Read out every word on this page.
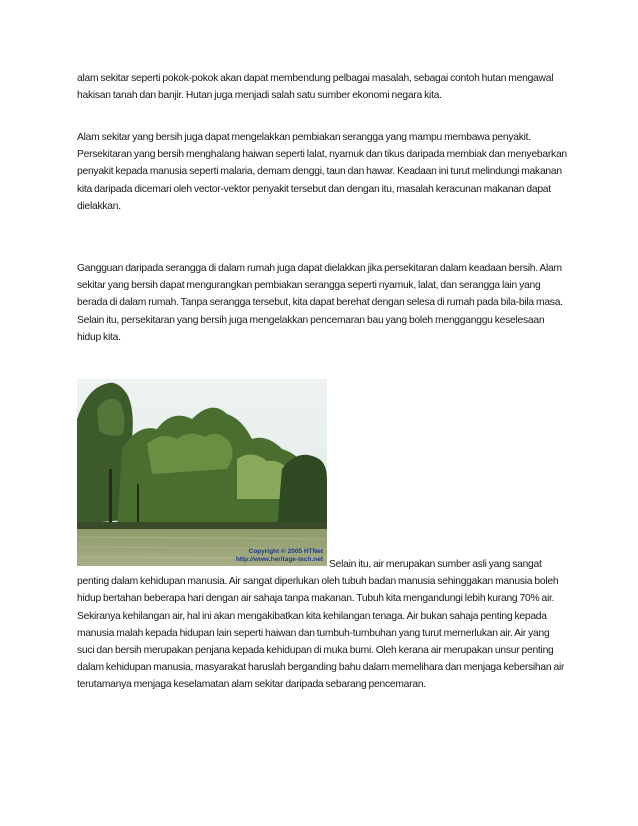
alam sekitar seperti pokok-pokok akan dapat membendung pelbagai masalah, sebagai contoh hutan mengawal hakisan tanah dan banjir. Hutan juga menjadi salah satu sumber ekonomi negara kita.

Alam sekitar yang bersih juga dapat mengelakkan pembiakan serangga yang mampu membawa penyakit. Persekitaran yang bersih menghalang haiwan seperti lalat, nyamuk dan tikus daripada membiak dan menyebarkan penyakit kepada manusia seperti malaria, demam denggi, taun dan hawar. Keadaan ini turut melindungi makanan kita daripada dicemari oleh vector-vektor penyakit tersebut dan dengan itu, masalah keracunan makanan dapat dielakkan.

Gangguan daripada serangga di dalam rumah juga dapat dielakkan jika persekitaran dalam keadaan bersih. Alam sekitar yang bersih dapat mengurangkan pembiakan serangga seperti nyamuk, lalat, dan serangga lain yang berada di dalam rumah. Tanpa serangga tersebut, kita dapat berehat dengan selesa di rumah pada bila-bila masa. Selain itu, persekitaran yang bersih juga mengelakkan pencemaran bau yang boleh mengganggu keselesaan hidup kita.

Copyright © 2005 HTNet
http://www.heritage-tech.net Selain itu, air merupakan sumber asli yang sangat penting dalam kehidupan manusia. Air sangat diperlukan oleh tubuh badan manusia sehinggakan manusia boleh hidup bertahan beberapa hari dengan air sahaja tanpa makanan. Tubuh kita mengandungi lebih kurang 70% air. Sekiranya kehilangan air, hal ini akan mengakibatkan kita kehilangan tenaga. Air bukan sahaja penting kepada manusia malah kepada hidupan lain seperti haiwan dan tumbuh-tumbuhan yang turut memerlukan air. Air yang suci dan bersih merupakan penjana kepada kehidupan di muka bumi. Oleh kerana air merupakan unsur penting dalam kehidupan manusia, masyarakat haruslah berganding bahu dalam memelihara dan menjaga kebersihan air terutamanya menjaga keselamatan alam sekitar daripada sebarang pencemaran.
